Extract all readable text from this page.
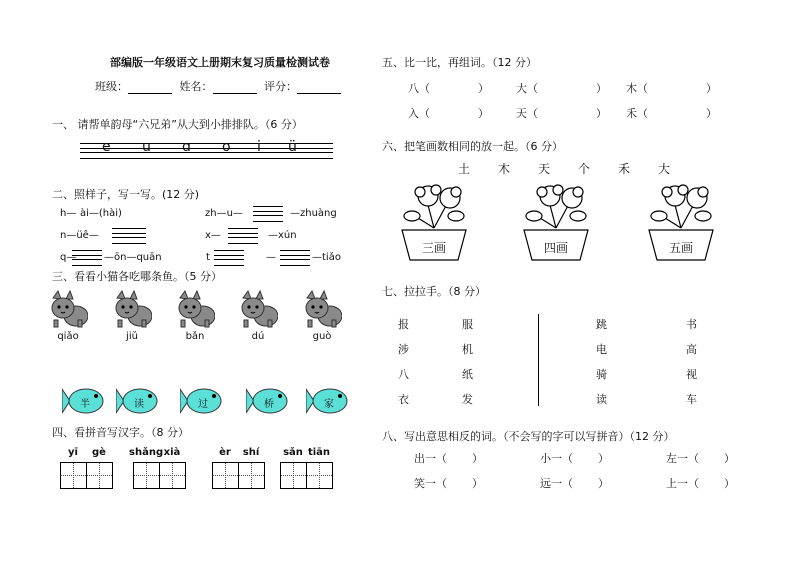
部编版一年级语文上册期末复习质量检测试卷
班级：	姓名：	评分：
一、 请帮单韵母“六兄弟”从大到小排排队。（6 分）
e u ɑ o i ü
二、照样子，写一写。(12 分)
h— ài—(hài)	zh—u—	—zhuàng
n—üê—	x—	—xún
q—	—ōn—quān	t	—	—tiǎo
三、看看小猫各吃哪条鱼。（5 分）
qiǎo	jiǔ	bǎn	dú	guò
半	读	过	桥	家
四、看拼音写汉字。（8 分）
yī	gè	shǎng xià	èr	shí	sǎn tiān
五、比一比，再组词。（12 分）
八（	） 大（	） 木（	）
入（	） 天（	） 禾（	）
六、把笔画数相同的放一起。（6 分）
土 木 天 个 禾 大
三画	四画	五画
七、拉拉手。（8 分）
报	服
涉	机
八	纸
衣	发
跳	书
电	高
骑	视
读	车
八、写出意思相反的词。（不会写的字可以写拼音）（12 分）
出一（ ）	小一（ ）	左一（ ）
笑一（ ）	远一（ ）	上一（ ）
